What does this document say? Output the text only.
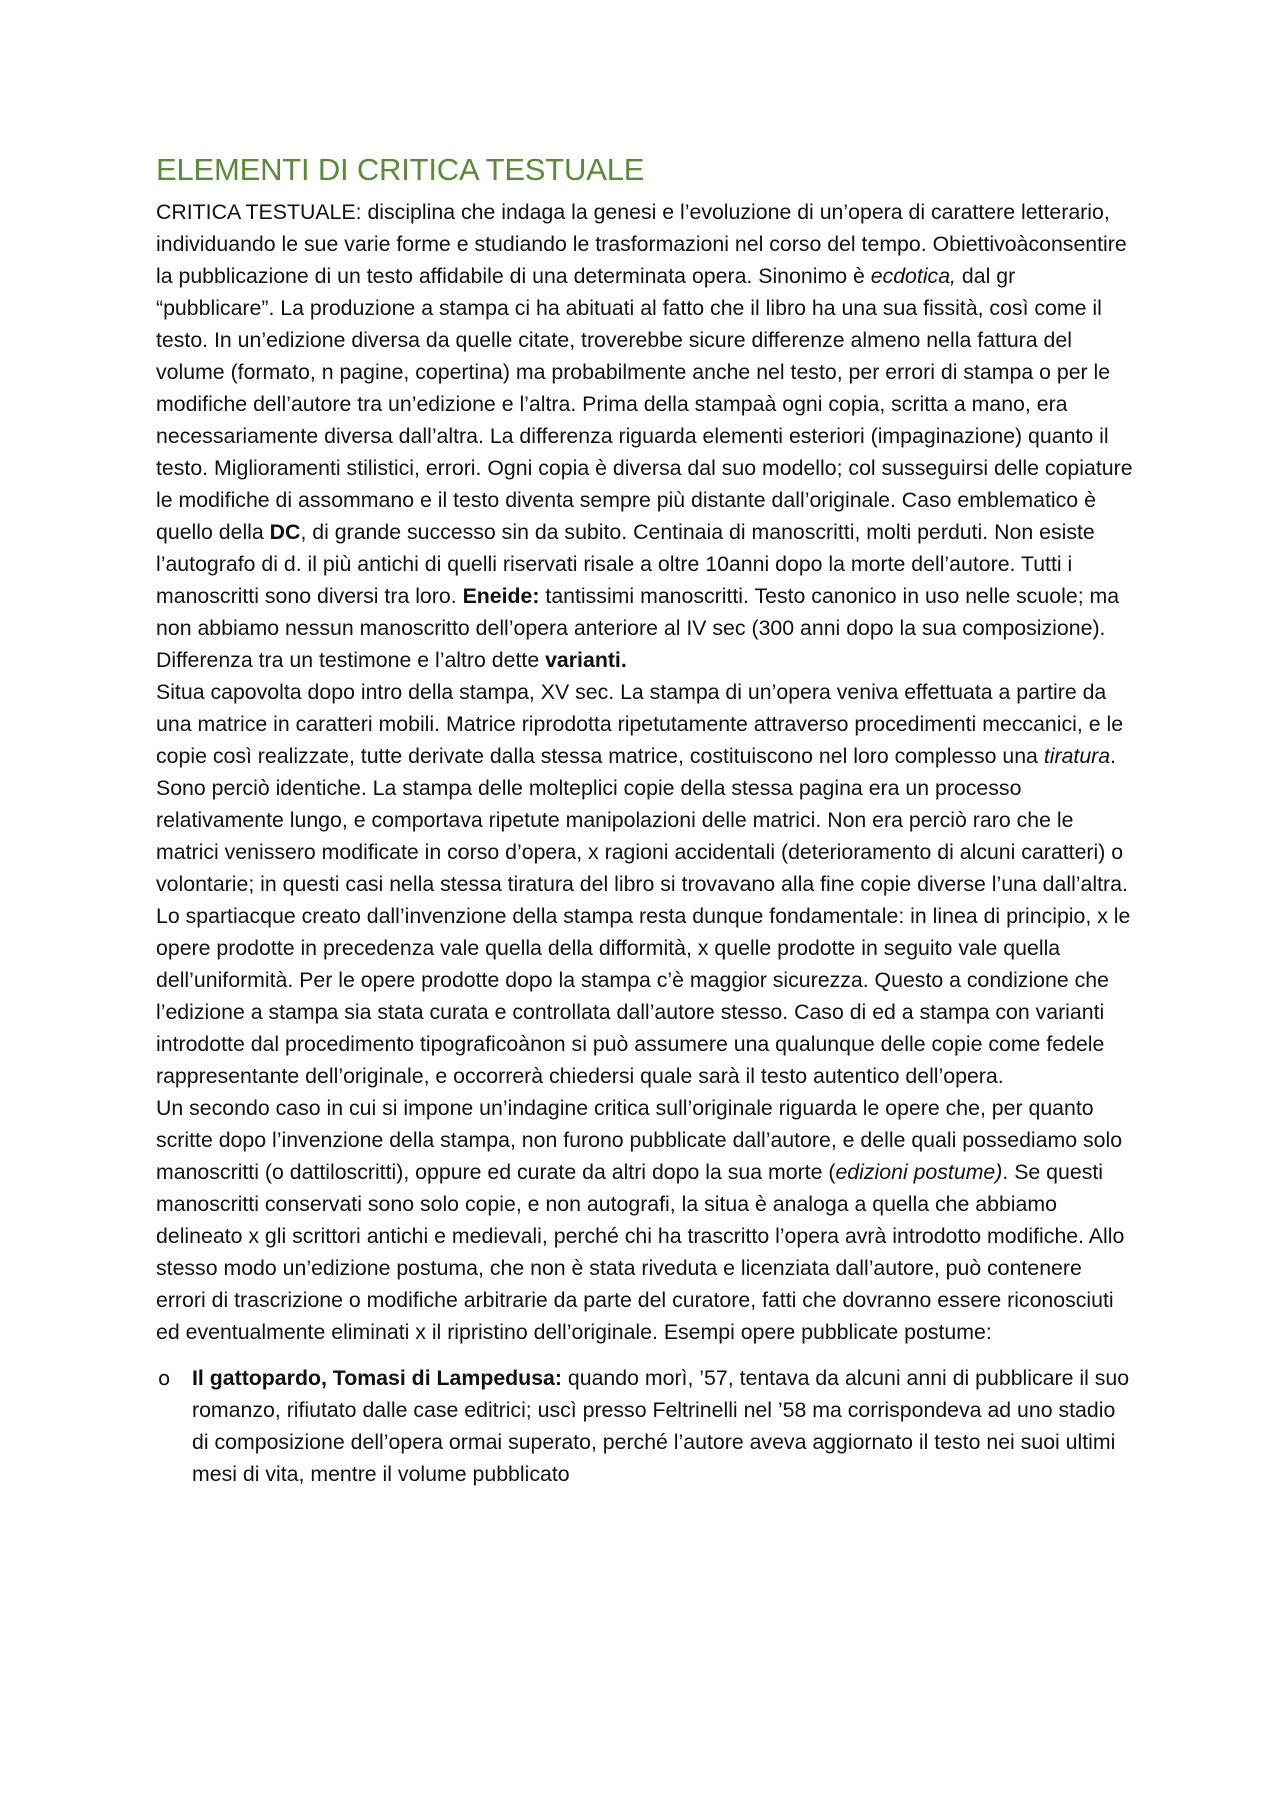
ELEMENTI DI CRITICA TESTUALE

CRITICA TESTUALE: disciplina che indaga la genesi e l’evoluzione di un’opera di carattere letterario, individuando le sue varie forme e studiando le trasformazioni nel corso del tempo. Obiettivoàconsentire la pubblicazione di un testo affidabile di una determinata opera. Sinonimo è ecdotica, dal gr “pubblicare”. La produzione a stampa ci ha abituati al fatto che il libro ha una sua fissità, così come il testo. In un’edizione diversa da quelle citate, troverebbe sicure differenze almeno nella fattura del volume (formato, n pagine, copertina) ma probabilmente anche nel testo, per errori di stampa o per le modifiche dell’autore tra un’edizione e l’altra. Prima della stampaà ogni copia, scritta a mano, era necessariamente diversa dall’altra. La differenza riguarda elementi esteriori (impaginazione) quanto il testo. Miglioramenti stilistici, errori. Ogni copia è diversa dal suo modello; col susseguirsi delle copiature le modifiche di assommano e il testo diventa sempre più distante dall’originale. Caso emblematico è quello della DC, di grande successo sin da subito. Centinaia di manoscritti, molti perduti. Non esiste l’autografo di d. il più antichi di quelli riservati risale a oltre 10anni dopo la morte dell’autore. Tutti i manoscritti sono diversi tra loro. Eneide: tantissimi manoscritti. Testo canonico in uso nelle scuole; ma non abbiamo nessun manoscritto dell’opera anteriore al IV sec (300 anni dopo la sua composizione). Differenza tra un testimone e l’altro dette varianti.

Situa capovolta dopo intro della stampa, XV sec. La stampa di un’opera veniva effettuata a partire da una matrice in caratteri mobili. Matrice riprodotta ripetutamente attraverso procedimenti meccanici, e le copie così realizzate, tutte derivate dalla stessa matrice, costituiscono nel loro complesso una tiratura. Sono perciò identiche. La stampa delle molteplici copie della stessa pagina era un processo relativamente lungo, e comportava ripetute manipolazioni delle matrici. Non era perciò raro che le matrici venissero modificate in corso d’opera, x ragioni accidentali (deterioramento di alcuni caratteri) o volontarie; in questi casi nella stessa tiratura del libro si trovavano alla fine copie diverse l’una dall’altra. Lo spartiacque creato dall’invenzione della stampa resta dunque fondamentale: in linea di principio, x le opere prodotte in precedenza vale quella della difformità, x quelle prodotte in seguito vale quella dell’uniformità. Per le opere prodotte dopo la stampa c’è maggior sicurezza. Questo a condizione che l’edizione a stampa sia stata curata e controllata dall’autore stesso. Caso di ed a stampa con varianti introdotte dal procedimento tipograficoànon si può assumere una qualunque delle copie come fedele rappresentante dell’originale, e occorrerà chiedersi quale sarà il testo autentico dell’opera.

Un secondo caso in cui si impone un’indagine critica sull’originale riguarda le opere che, per quanto scritte dopo l’invenzione della stampa, non furono pubblicate dall’autore, e delle quali possediamo solo manoscritti (o dattiloscritti), oppure ed curate da altri dopo la sua morte (edizioni postume). Se questi manoscritti conservati sono solo copie, e non autografi, la situa è analoga a quella che abbiamo delineato x gli scrittori antichi e medievali, perché chi ha trascritto l’opera avrà introdotto modifiche. Allo stesso modo un’edizione postuma, che non è stata riveduta e licenziata dall’autore, può contenere errori di trascrizione o modifiche arbitrarie da parte del curatore, fatti che dovranno essere riconosciuti ed eventualmente eliminati x il ripristino dell’originale. Esempi opere pubblicate postume:

o	Il gattopardo, Tomasi di Lampedusa: quando morì, ’57, tentava da alcuni anni di pubblicare il suo romanzo, rifiutato dalle case editrici; uscì presso Feltrinelli nel ’58 ma corrispondeva ad uno stadio di composizione dell’opera ormai superato, perché l’autore aveva aggiornato il testo nei suoi ultimi mesi di vita, mentre il volume pubblicato
